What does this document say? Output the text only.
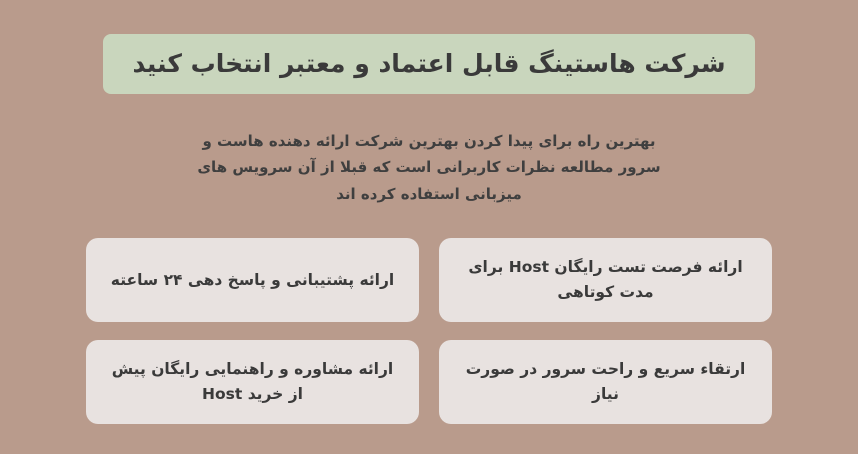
شرکت هاستینگ قابل اعتماد و معتبر انتخاب کنید
بهترین راه برای پیدا کردن بهترین شرکت ارائه دهنده هاست و سرور مطالعه نظرات کاربرانی است که قبلا از آن سرویس های میزبانی استفاده کرده اند
ارائه فرصت تست رایگان Host برای مدت کوتاهی
ارائه پشتیبانی و پاسخ دهی ۲۴ ساعته
ارتقاء سریع و راحت سرور در صورت نیاز
ارائه مشاوره و راهنمایی رایگان پیش از خرید Host
